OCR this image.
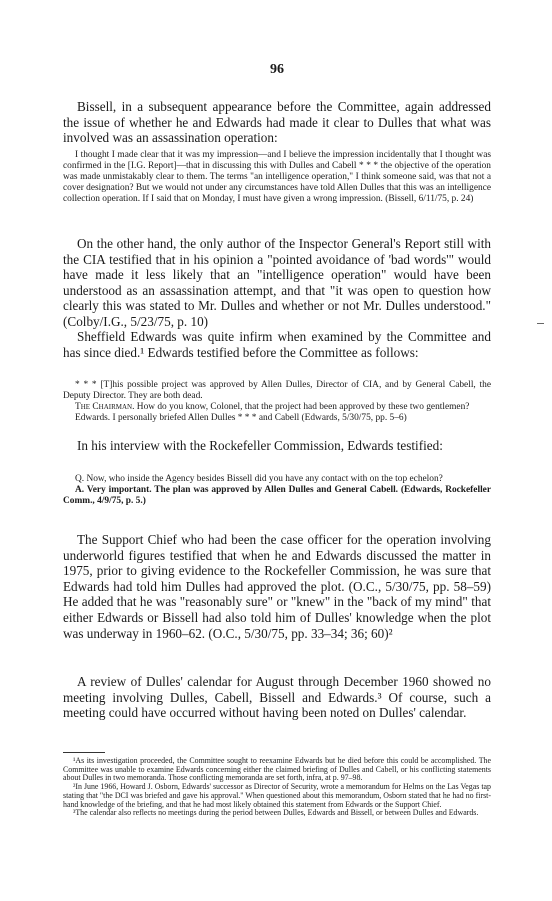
96

Bissell, in a subsequent appearance before the Committee, again addressed the issue of whether he and Edwards had made it clear to Dulles that what was involved was an assassination operation:

I thought I made clear that it was my impression—and I believe the impression incidentally that I thought was confirmed in the [I.G. Report]—that in discussing this with Dulles and Cabell * * * the objective of the operation was made unmistakably clear to them. The terms "an intelligence operation," I think someone said, was that not a cover designation? But we would not under any circumstances have told Allen Dulles that this was an intelligence collection operation. If I said that on Monday, I must have given a wrong impression. (Bissell, 6/11/75, p. 24)

On the other hand, the only author of the Inspector General's Report still with the CIA testified that in his opinion a "pointed avoidance of 'bad words'" would have made it less likely that an "intelligence operation" would have been understood as an assassination attempt, and that "it was open to question how clearly this was stated to Mr. Dulles and whether or not Mr. Dulles understood." (Colby/I.G., 5/23/75, p. 10)

Sheffield Edwards was quite infirm when examined by the Committee and has since died.¹ Edwards testified before the Committee as follows:

* * * [T]his possible project was approved by Allen Dulles, Director of CIA, and by General Cabell, the Deputy Director. They are both dead.

The Chairman. How do you know, Colonel, that the project had been approved by these two gentlemen?

Edwards. I personally briefed Allen Dulles * * * and Cabell (Edwards, 5/30/75, pp. 5–6)

In his interview with the Rockefeller Commission, Edwards testified:

Q. Now, who inside the Agency besides Bissell did you have any contact with on the top echelon?

A. Very important. The plan was approved by Allen Dulles and General Cabell. (Edwards, Rockefeller Comm., 4/9/75, p. 5.)

The Support Chief who had been the case officer for the operation involving underworld figures testified that when he and Edwards discussed the matter in 1975, prior to giving evidence to the Rockefeller Commission, he was sure that Edwards had told him Dulles had approved the plot. (O.C., 5/30/75, pp. 58–59) He added that he was "reasonably sure" or "knew" in the "back of my mind" that either Edwards or Bissell had also told him of Dulles' knowledge when the plot was underway in 1960–62. (O.C., 5/30/75, pp. 33–34; 36; 60)²

A review of Dulles' calendar for August through December 1960 showed no meeting involving Dulles, Cabell, Bissell and Edwards.³ Of course, such a meeting could have occurred without having been noted on Dulles' calendar.

¹As its investigation proceeded, the Committee sought to reexamine Edwards but he died before this could be accomplished. The Committee was unable to examine Edwards concerning either the claimed briefing of Dulles and Cabell, or his conflicting statements about Dulles in two memoranda. Those conflicting memoranda are set forth, infra, at p. 97–98.

²In June 1966, Howard J. Osborn, Edwards' successor as Director of Security, wrote a memorandum for Helms on the Las Vegas tap stating that "the DCI was briefed and gave his approval." When questioned about this memorandum, Osborn stated that he had no first-hand knowledge of the briefing, and that he had most likely obtained this statement from Edwards or the Support Chief.

³The calendar also reflects no meetings during the period between Dulles, Edwards and Bissell, or between Dulles and Edwards.
